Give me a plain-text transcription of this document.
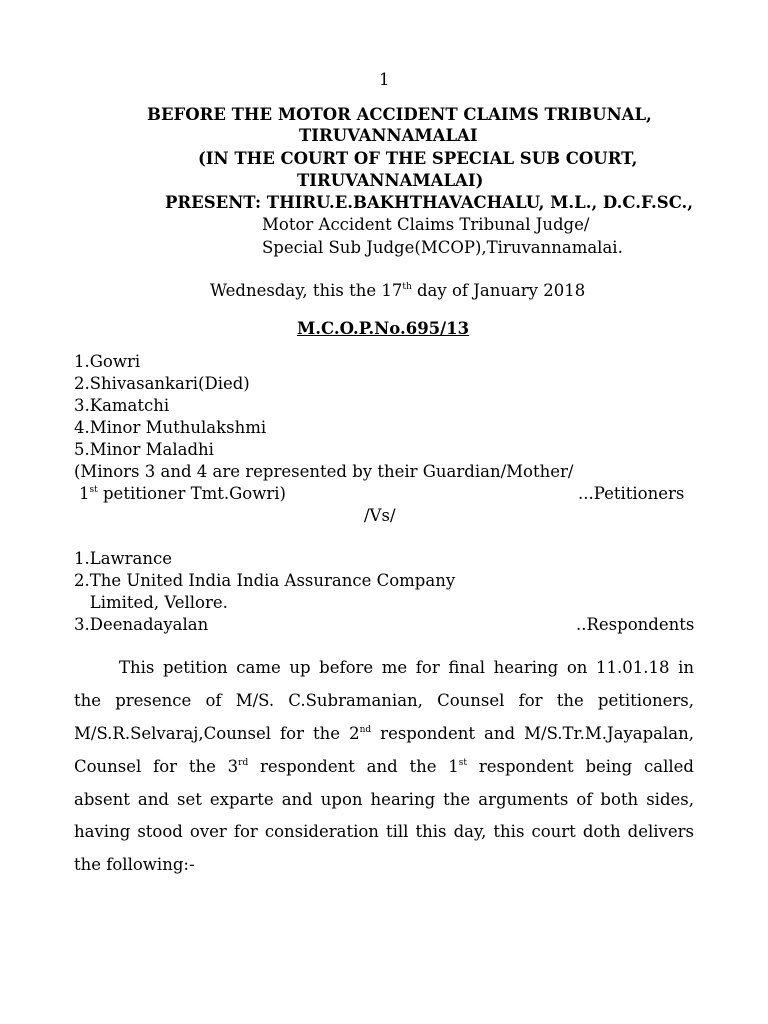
1
BEFORE THE MOTOR ACCIDENT CLAIMS TRIBUNAL,
TIRUVANNAMALAI
(IN THE COURT OF THE SPECIAL SUB COURT,
TIRUVANNAMALAI)
PRESENT: THIRU.E.BAKHTHAVACHALU, M.L., D.C.F.SC.,
Motor Accident Claims Tribunal Judge/
Special Sub Judge(MCOP),Tiruvannamalai.
Wednesday, this the 17th day of January 2018
M.C.O.P.No.695/13
1.Gowri
2.Shivasankari(Died)
3.Kamatchi
4.Minor Muthulakshmi
5.Minor Maladhi
(Minors 3 and 4 are represented by their Guardian/Mother/
1st petitioner Tmt.Gowri)	...Petitioners
/Vs/
1.Lawrance
2.The United India India Assurance Company
Limited, Vellore.
3.Deenadayalan	..Respondents
This petition came up before me for final hearing on 11.01.18 in
the presence of M/S. C.Subramanian, Counsel for the petitioners,
M/S.R.Selvaraj,Counsel for the 2nd respondent and M/S.Tr.M.Jayapalan,
Counsel for the 3rd respondent and the 1st respondent being called
absent and set exparte and upon hearing the arguments of both sides,
having stood over for consideration till this day, this court doth delivers
the following:-
